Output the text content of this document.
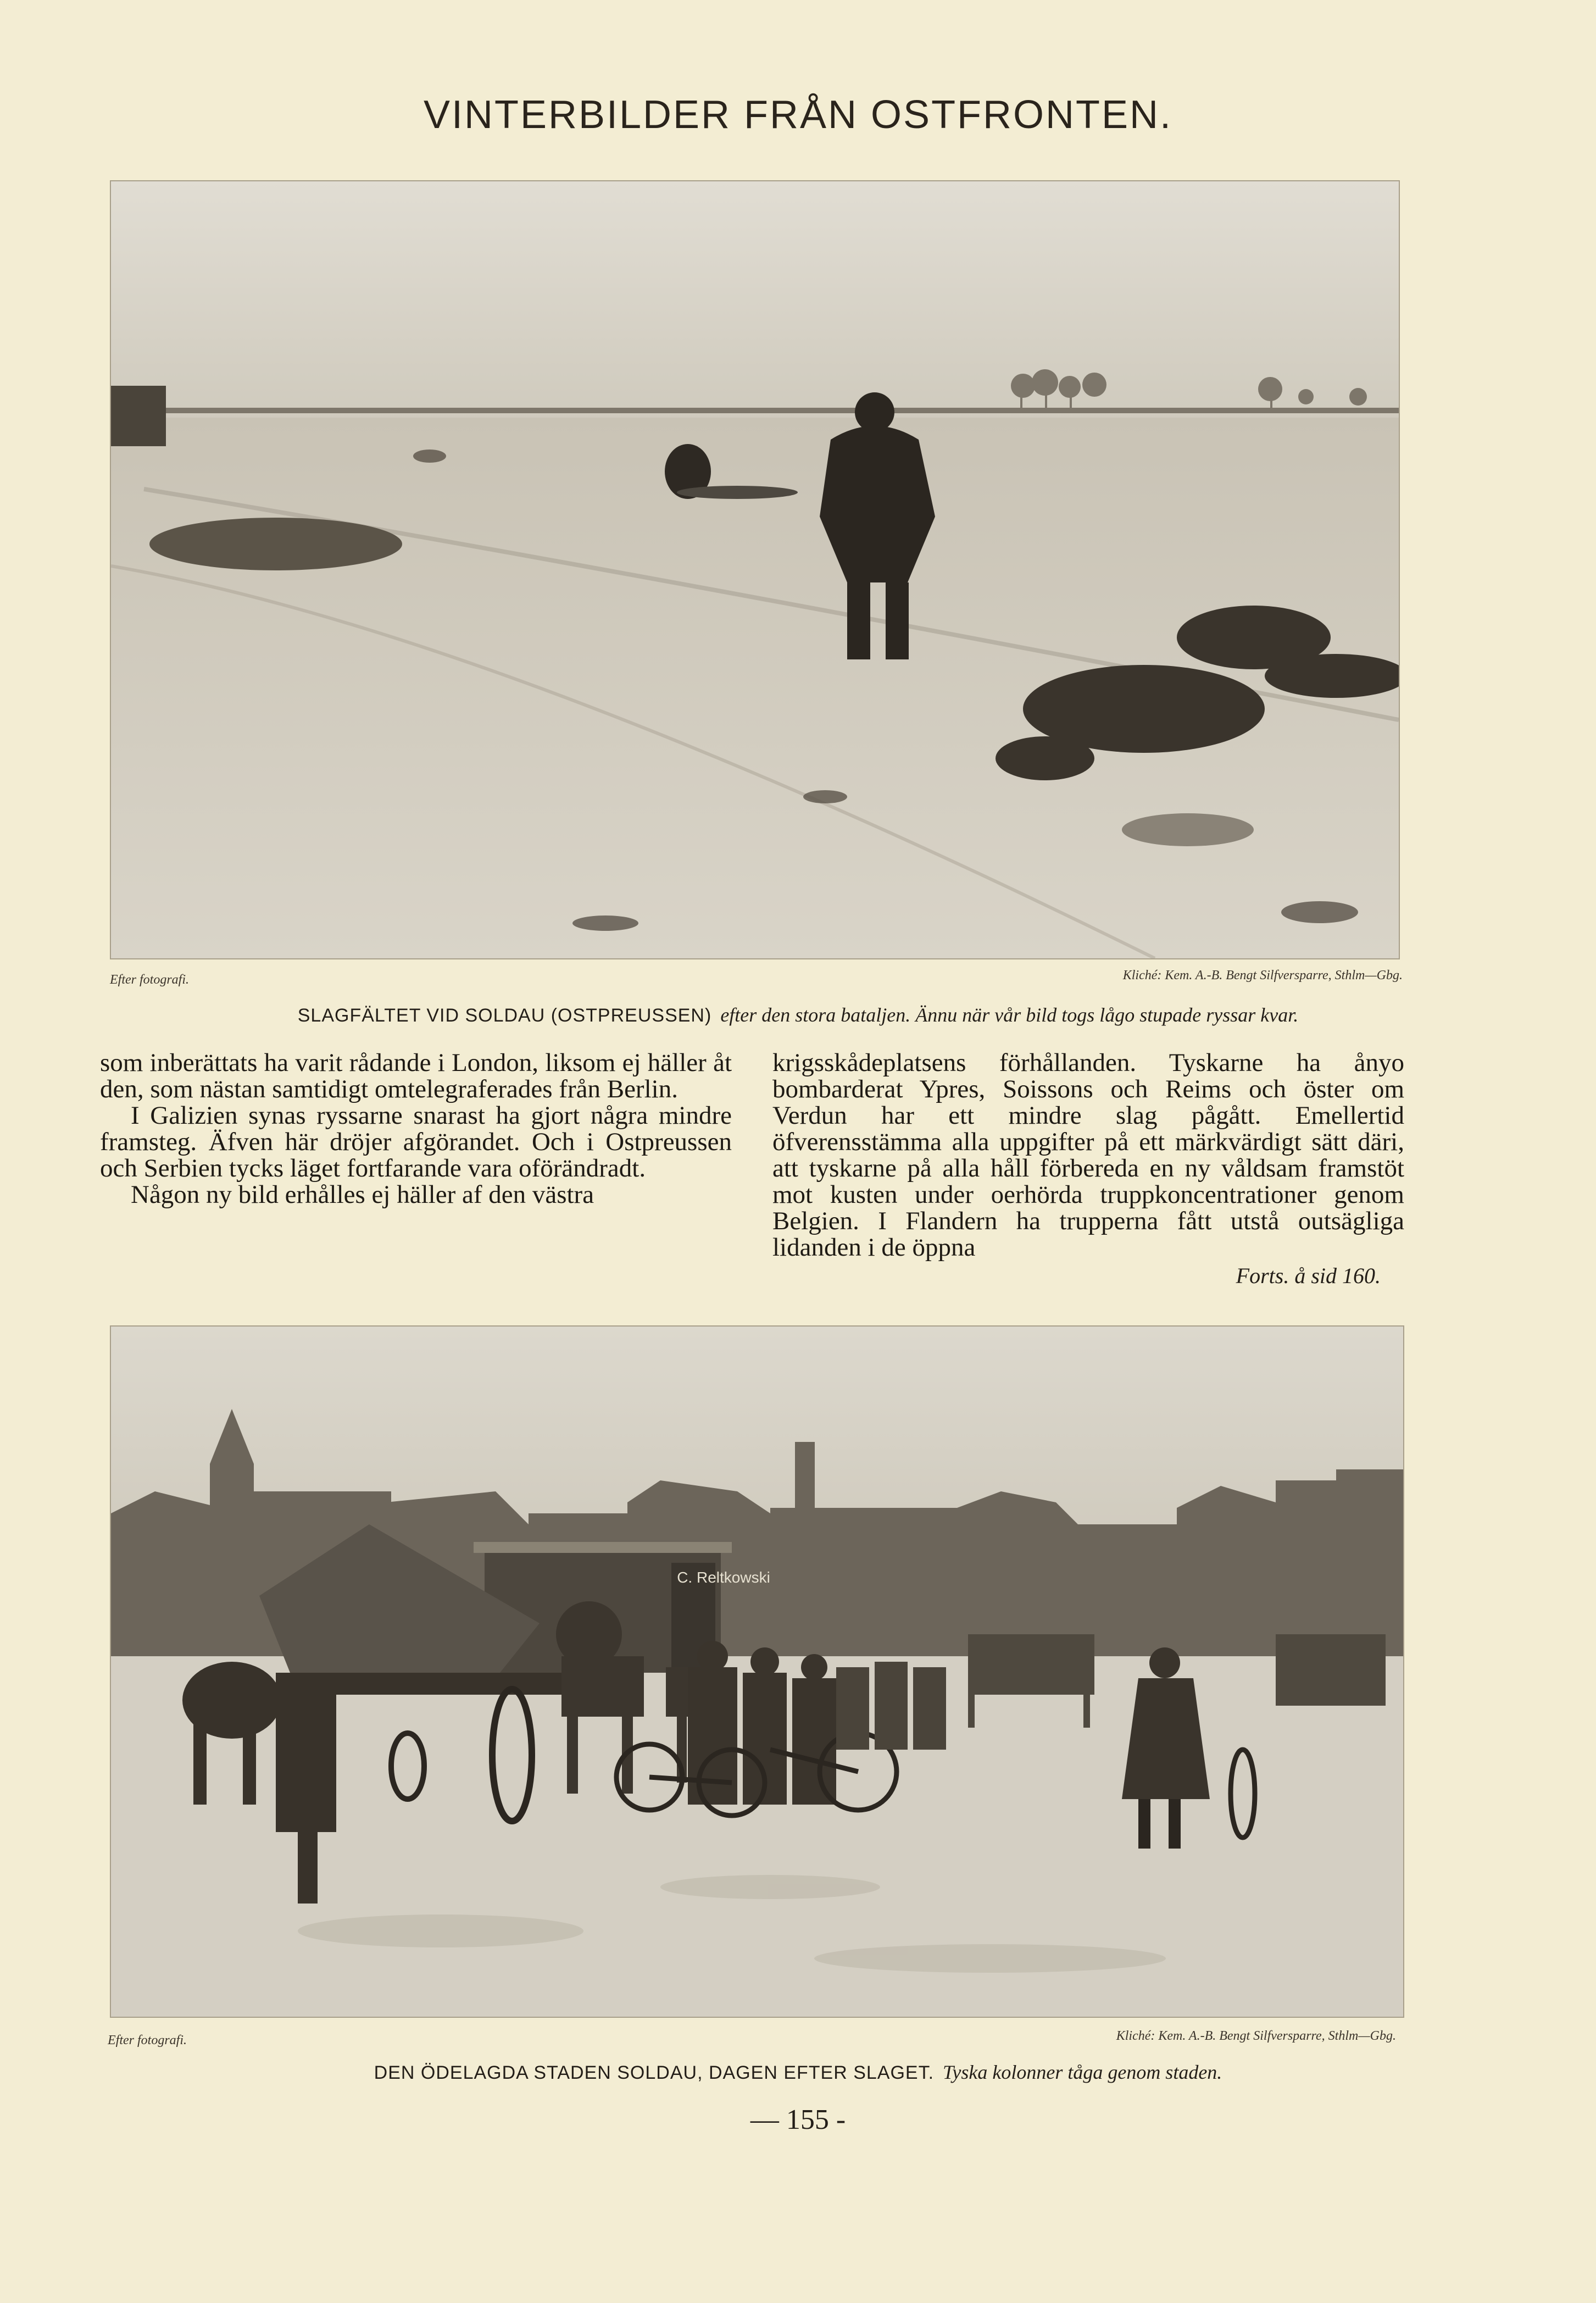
VINTERBILDER FRÅN OSTFRONTEN.
Efter fotografi.	Kliché: Kem. A.-B. Bengt Silfversparre, Sthlm—Gbg.
SLAGFÄLTET VID SOLDAU (OSTPREUSSEN) efter den stora bataljen. Ännu när vår bild togs lågo stupade ryssar kvar.

som inberättats ha varit rådande i London, liksom ej häller åt den, som nästan samtidigt omtelegraferades från Berlin.

I Galizien synas ryssarne snarast ha gjort några mindre framsteg. Äfven här dröjer afgörandet. Och i Ostpreussen och Serbien tycks läget fortfarande vara oförändradt.

Någon ny bild erhålles ej häller af den västra

krigsskådeplatsens förhållanden. Tyskarne ha ånyo bombarderat Ypres, Soissons och Reims och öster om Verdun har ett mindre slag pågått. Emellertid öfverensstämma alla uppgifter på ett märkvärdigt sätt däri, att tyskarne på alla håll förbereda en ny våldsam framstöt mot kusten under oerhörda truppkoncentrationer genom Belgien. I Flandern ha trupperna fått utstå outsägliga lidanden i de öppna

Forts. å sid 160.
C. Reltkowski
Efter fotografi.	Kliché: Kem. A.-B. Bengt Silfversparre, Sthlm—Gbg.
DEN ÖDELAGDA STADEN SOLDAU, DAGEN EFTER SLAGET. Tyska kolonner tåga genom staden.
— 155 -
